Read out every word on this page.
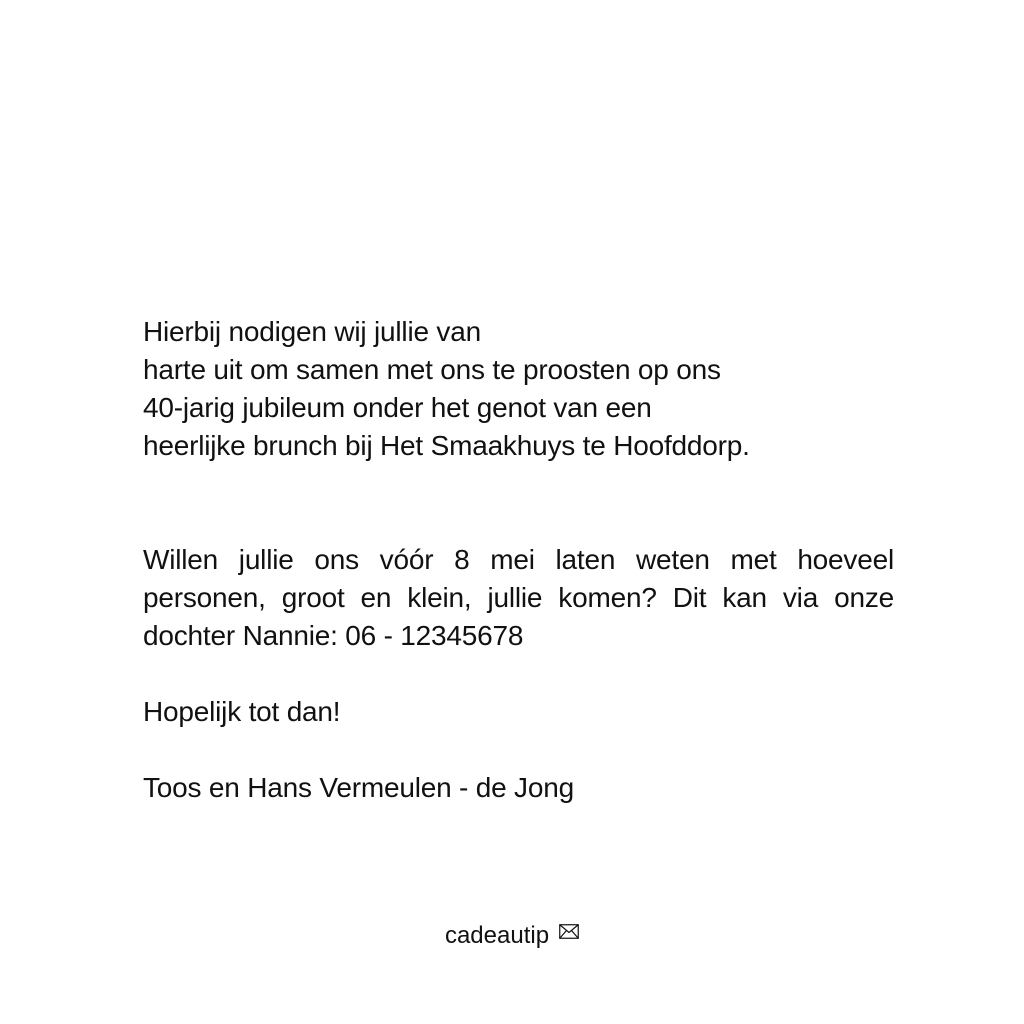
Hierbij nodigen wij jullie van
harte uit om samen met ons te proosten op ons
40-jarig jubileum onder het genot van een
heerlijke brunch bij Het Smaakhuys te Hoofddorp.
Willen jullie ons vóór 8 mei laten weten met hoeveel personen, groot en klein, jullie komen? Dit kan via onze dochter Nannie: 06 - 12345678
Hopelijk tot dan!
Toos en Hans Vermeulen - de Jong
cadeautip
